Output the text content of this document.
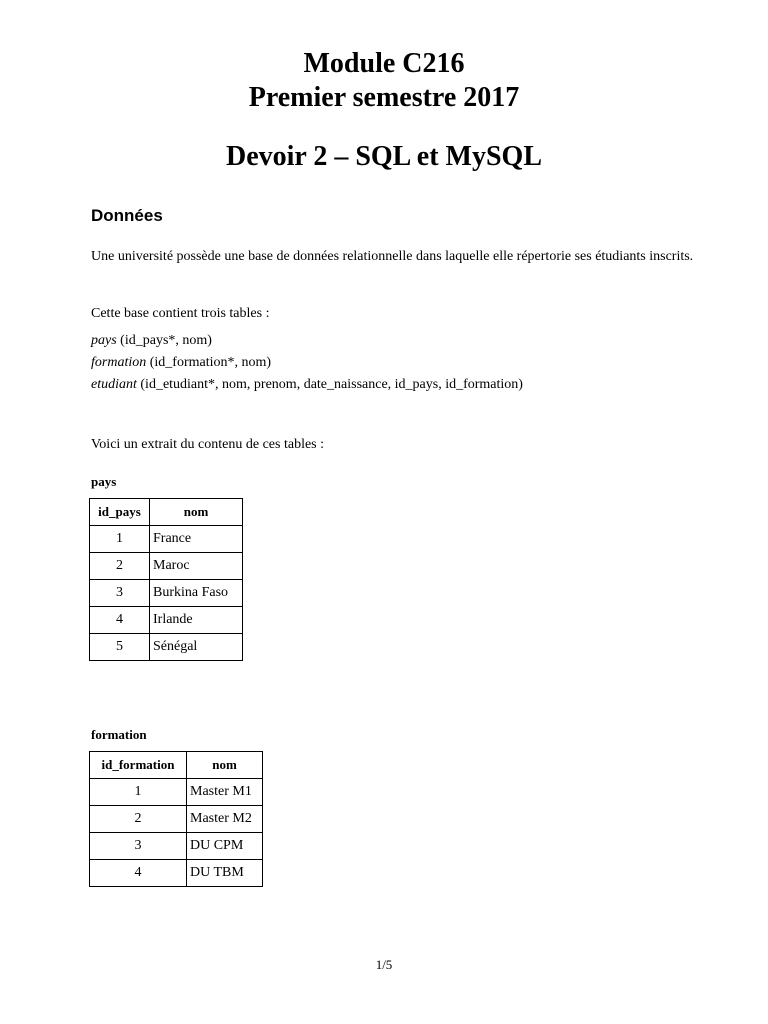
Module C216
Premier semestre 2017
Devoir 2 – SQL et MySQL
Données
Une université possède une base de données relationnelle dans laquelle elle répertorie ses étudiants inscrits.
Cette base contient trois tables :
pays (id_pays*, nom)
formation (id_formation*, nom)
etudiant (id_etudiant*, nom, prenom, date_naissance, id_pays, id_formation)
Voici un extrait du contenu de ces tables :
pays
id_pays	nom
1	France
2	Maroc
3	Burkina Faso
4	Irlande
5	Sénégal
formation
id_formation	nom
1	Master M1
2	Master M2
3	DU CPM
4	DU TBM
1/5
